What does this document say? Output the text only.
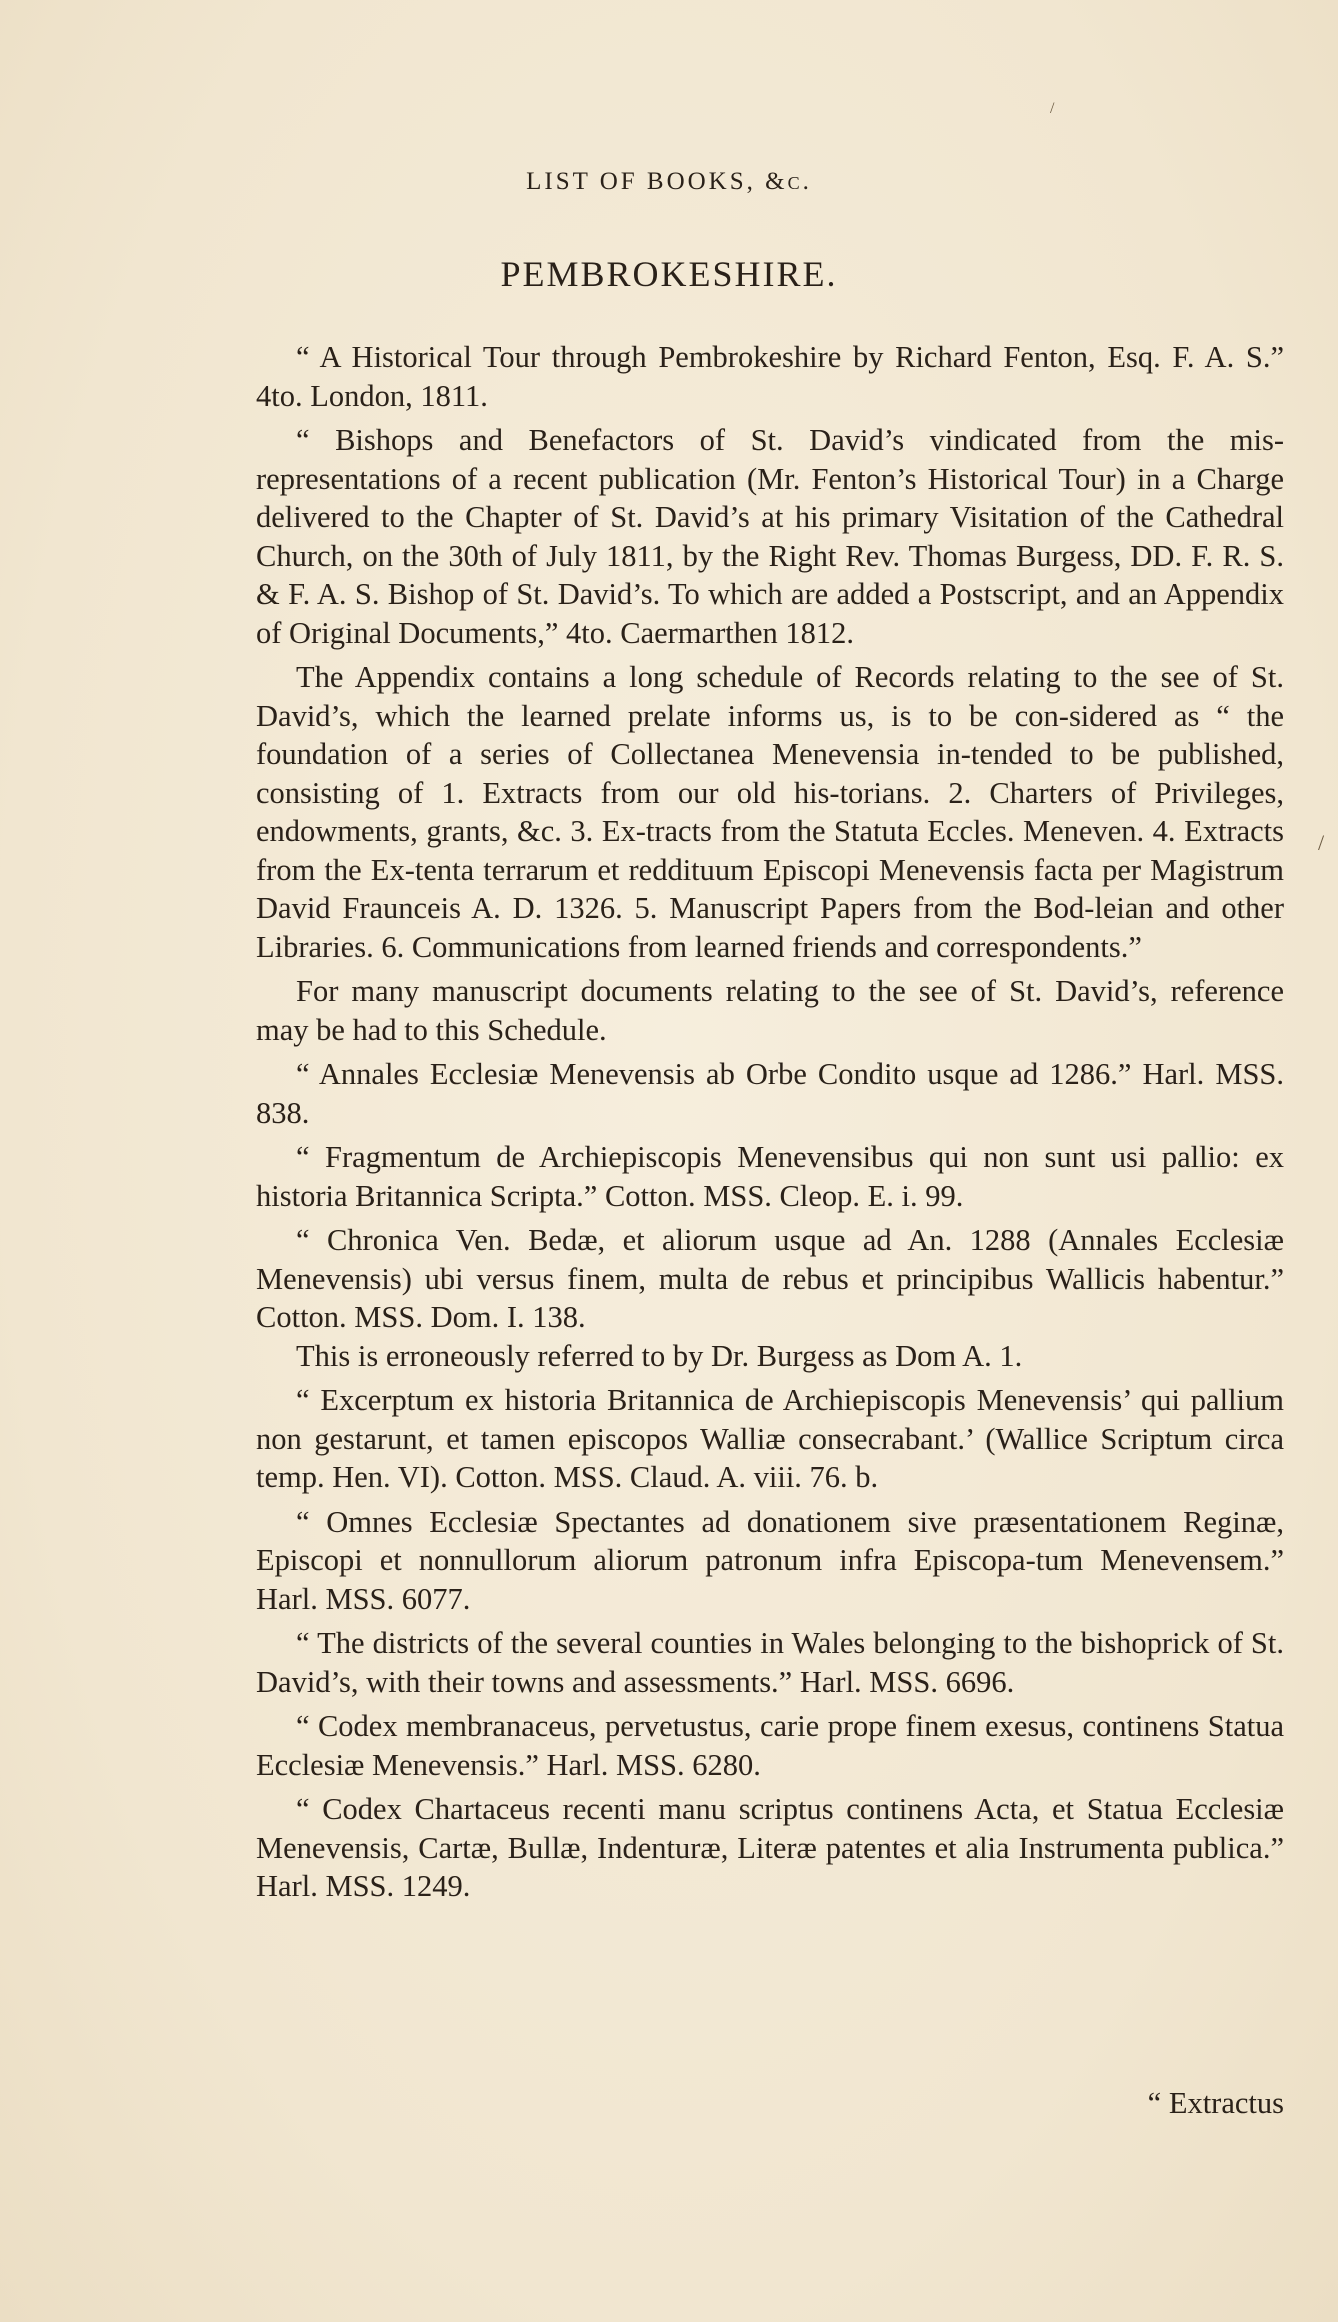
LIST OF BOOKS, &c.
PEMBROKESHIRE.

“ A Historical Tour through Pembrokeshire by Richard Fenton, Esq. F. A. S.” 4to. London, 1811.

“ Bishops and Benefactors of St. David’s vindicated from the mis-representations of a recent publication (Mr. Fenton’s Historical Tour) in a Charge delivered to the Chapter of St. David’s at his primary Visitation of the Cathedral Church, on the 30th of July 1811, by the Right Rev. Thomas Burgess, DD. F. R. S. & F. A. S. Bishop of St. David’s. To which are added a Postscript, and an Appendix of Original Documents,” 4to. Caermarthen 1812.

The Appendix contains a long schedule of Records relating to the see of St. David’s, which the learned prelate informs us, is to be con-sidered as “ the foundation of a series of Collectanea Menevensia in-tended to be published, consisting of 1. Extracts from our old his-torians. 2. Charters of Privileges, endowments, grants, &c. 3. Ex-tracts from the Statuta Eccles. Meneven. 4. Extracts from the Ex-tenta terrarum et reddituum Episcopi Menevensis facta per Magistrum David Fraunceis A. D. 1326. 5. Manuscript Papers from the Bod-leian and other Libraries. 6. Communications from learned friends and correspondents.”

For many manuscript documents relating to the see of St. David’s, reference may be had to this Schedule.

“ Annales Ecclesiæ Menevensis ab Orbe Condito usque ad 1286.” Harl. MSS. 838.

“ Fragmentum de Archiepiscopis Menevensibus qui non sunt usi pallio: ex historia Britannica Scripta.” Cotton. MSS. Cleop. E. i. 99.

“ Chronica Ven. Bedæ, et aliorum usque ad An. 1288 (Annales Ecclesiæ Menevensis) ubi versus finem, multa de rebus et principibus Wallicis habentur.” Cotton. MSS. Dom. I. 138.

This is erroneously referred to by Dr. Burgess as Dom A. 1.

“ Excerptum ex historia Britannica de Archiepiscopis Menevensis’ qui pallium non gestarunt, et tamen episcopos Walliæ consecrabant.’ (Wallice Scriptum circa temp. Hen. VI). Cotton. MSS. Claud. A. viii. 76. b.

“ Omnes Ecclesiæ Spectantes ad donationem sive præsentationem Reginæ, Episcopi et nonnullorum aliorum patronum infra Episcopa-tum Menevensem.” Harl. MSS. 6077.

“ The districts of the several counties in Wales belonging to the bishoprick of St. David’s, with their towns and assessments.” Harl. MSS. 6696.

“ Codex membranaceus, pervetustus, carie prope finem exesus, continens Statua Ecclesiæ Menevensis.” Harl. MSS. 6280.

“ Codex Chartaceus recenti manu scriptus continens Acta, et Statua Ecclesiæ Menevensis, Cartæ, Bullæ, Indenturæ, Literæ patentes et alia Instrumenta publica.” Harl. MSS. 1249.

“ Extractus
/
/
